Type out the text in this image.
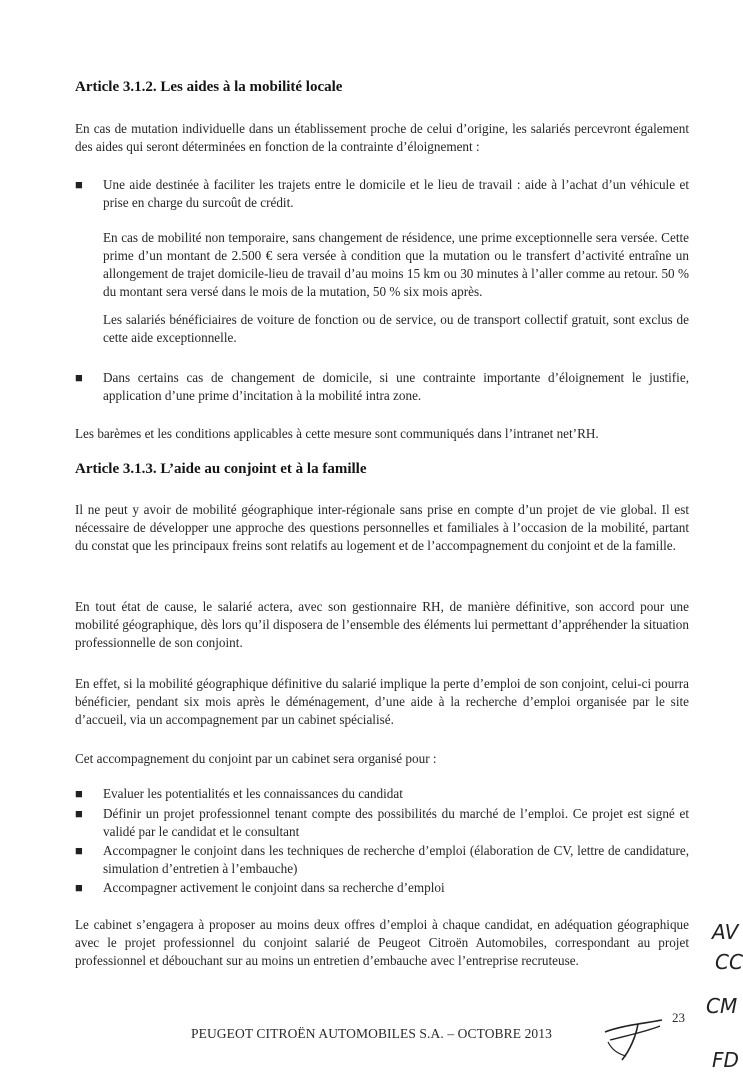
Article 3.1.2. Les aides à la mobilité locale
En cas de mutation individuelle dans un établissement proche de celui d’origine, les salariés percevront également des aides qui seront déterminées en fonction de la contrainte d’éloignement :
■ Une aide destinée à faciliter les trajets entre le domicile et le lieu de travail : aide à l’achat d’un véhicule et prise en charge du surcoût de crédit.
En cas de mobilité non temporaire, sans changement de résidence, une prime exceptionnelle sera versée. Cette prime d’un montant de 2.500 € sera versée à condition que la mutation ou le transfert d’activité entraîne un allongement de trajet domicile-lieu de travail d’au moins 15 km ou 30 minutes à l’aller comme au retour. 50 % du montant sera versé dans le mois de la mutation, 50 % six mois après.
Les salariés bénéficiaires de voiture de fonction ou de service, ou de transport collectif gratuit, sont exclus de cette aide exceptionnelle.
■ Dans certains cas de changement de domicile, si une contrainte importante d’éloignement le justifie, application d’une prime d’incitation à la mobilité intra zone.
Les barèmes et les conditions applicables à cette mesure sont communiqués dans l’intranet net’RH.
Article 3.1.3. L’aide au conjoint et à la famille
Il ne peut y avoir de mobilité géographique inter-régionale sans prise en compte d’un projet de vie global. Il est nécessaire de développer une approche des questions personnelles et familiales à l’occasion de la mobilité, partant du constat que les principaux freins sont relatifs au logement et de l’accompagnement du conjoint et de la famille.
En tout état de cause, le salarié actera, avec son gestionnaire RH, de manière définitive, son accord pour une mobilité géographique, dès lors qu’il disposera de l’ensemble des éléments lui permettant d’appréhender la situation professionnelle de son conjoint.
En effet, si la mobilité géographique définitive du salarié implique la perte d’emploi de son conjoint, celui-ci pourra bénéficier, pendant six mois après le déménagement, d’une aide à la recherche d’emploi organisée par le site d’accueil, via un accompagnement par un cabinet spécialisé.
Cet accompagnement du conjoint par un cabinet sera organisé pour :
■ Evaluer les potentialités et les connaissances du candidat
■ Définir un projet professionnel tenant compte des possibilités du marché de l’emploi. Ce projet est signé et validé par le candidat et le consultant
■ Accompagner le conjoint dans les techniques de recherche d’emploi (élaboration de CV, lettre de candidature, simulation d’entretien à l’embauche)
■ Accompagner activement le conjoint dans sa recherche d’emploi
Le cabinet s’engagera à proposer au moins deux offres d’emploi à chaque candidat, en adéquation géographique avec le projet professionnel du conjoint salarié de Peugeot Citroën Automobiles, correspondant au projet professionnel et débouchant sur au moins un entretien d’embauche avec l’entreprise recruteuse.
23
PEUGEOT CITROËN AUTOMOBILES S.A. – OCTOBRE 2013
AV
CC
CM
FD
